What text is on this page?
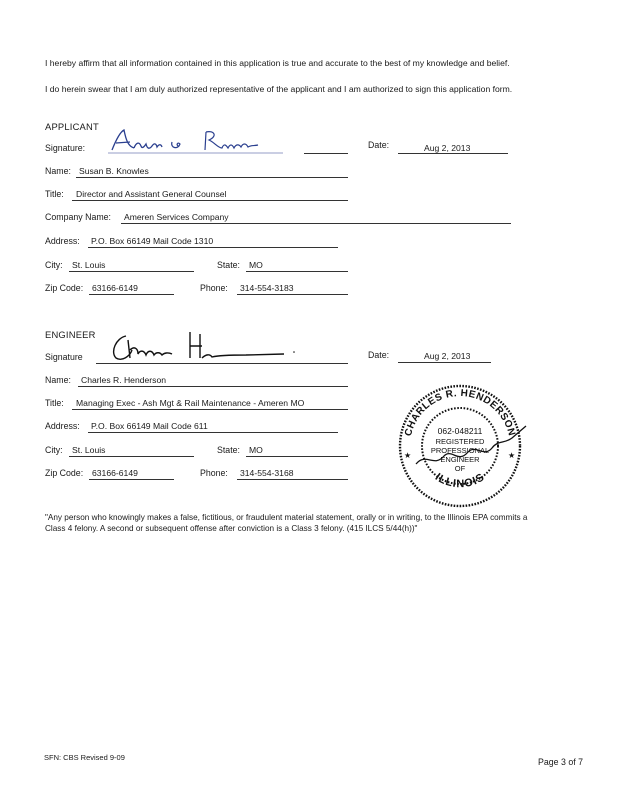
I hereby affirm that all information contained in this application is true and accurate to the best of my knowledge and belief.
I do herein swear that I am duly authorized representative of the applicant and I am authorized to sign this application form.
APPLICANT
Signature:	Date:	Aug 2, 2013
Name: Susan B. Knowles
Title: Director and Assistant General Counsel
Company Name: Ameren Services Company
Address: P.O. Box 66149 Mail Code 1310
City: St. Louis	State: MO
Zip Code: 63166-6149	Phone: 314-554-3183
ENGINEER
Signature	Date:	Aug 2, 2013
Name: Charles R. Henderson
Title: Managing Exec - Ash Mgt & Rail Maintenance - Ameren MO
Address: P.O. Box 66149 Mail Code 611
City: St. Louis	State: MO
Zip Code: 63166-6149	Phone: 314-554-3168
CHARLES R. HENDERSON
ILLINOIS
062-048211
REGISTERED
PROFESSIONAL
ENGINEER
OF
★	★
"Any person who knowingly makes a false, fictitious, or fraudulent material statement, orally or in writing, to the Illinois EPA commits a
Class 4 felony. A second or subsequent offense after conviction is a Class 3 felony. (415 ILCS 5/44(h))"
SFN: CBS Revised 9-09	Page 3 of 7
